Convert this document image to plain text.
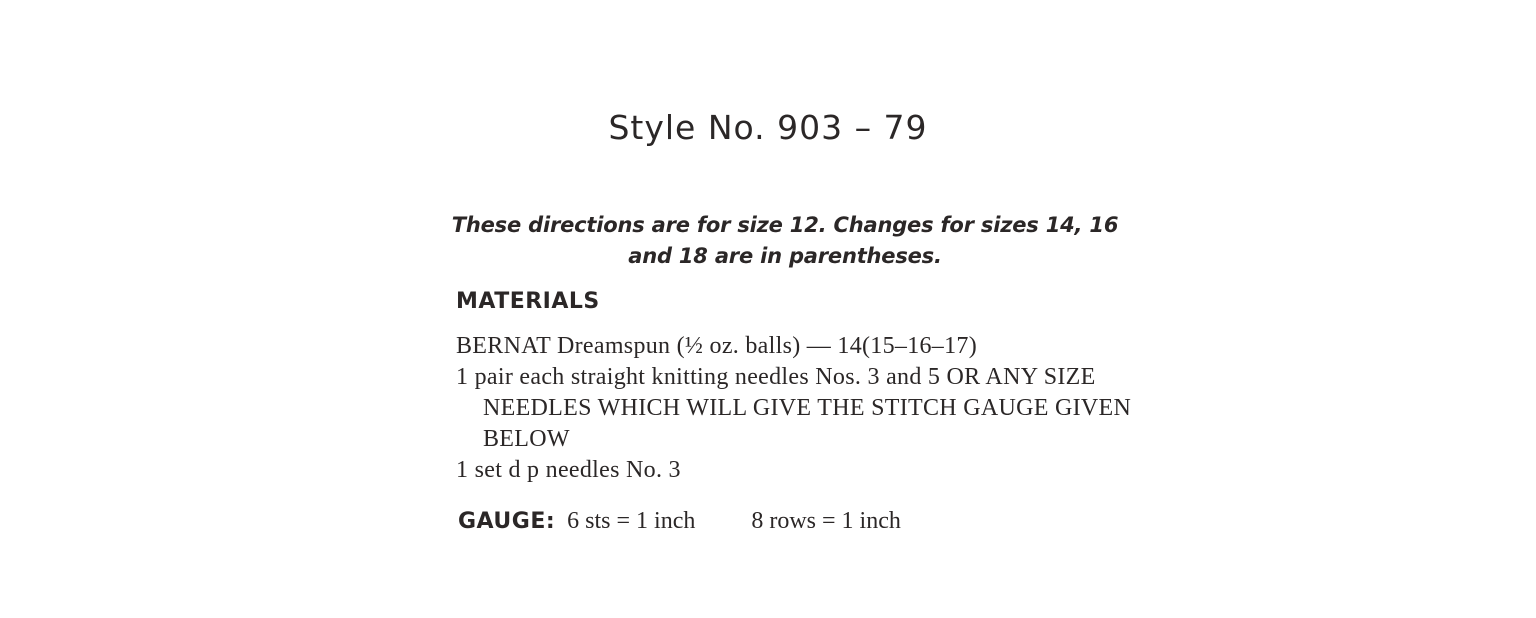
Style No. 903 – 79
These directions are for size 12. Changes for sizes 14, 16 and 18 are in parentheses.
MATERIALS
BERNAT Dreamspun (½ oz. balls) — 14(15–16–17)
1 pair each straight knitting needles Nos. 3 and 5 OR ANY SIZE NEEDLES WHICH WILL GIVE THE STITCH GAUGE GIVEN BELOW
1 set d p needles No. 3
GAUGE: 6 sts = 1 inch 8 rows = 1 inch
